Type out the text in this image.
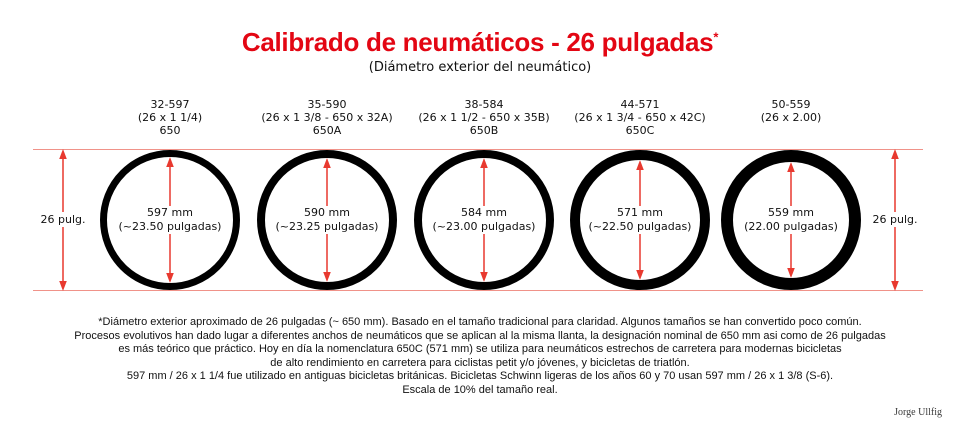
Calibrado de neumáticos - 26 pulgadas*
(Diámetro exterior del neumático)
26 pulg.	26 pulg.
32-597
(26 x 1 1/4)
650
597 mm
(~23.50 pulgadas)
35-590
(26 x 1 3/8 - 650 x 32A)
650A
590 mm
(~23.25 pulgadas)
38-584
(26 x 1 1/2 - 650 x 35B)
650B
584 mm
(~23.00 pulgadas)
44-571
(26 x 1 3/4 - 650 x 42C)
650C
571 mm
(~22.50 pulgadas)
50-559
(26 x 2.00)
559 mm
(22.00 pulgadas)
*Diámetro exterior aproximado de 26 pulgadas (~ 650 mm). Basado en el tamaño tradicional para claridad. Algunos tamaños se han convertido poco común.
Procesos evolutivos han dado lugar a diferentes anchos de neumáticos que se aplican al la misma llanta, la designación nominal de 650 mm asi como de 26 pulgadas
es más teórico que práctico. Hoy en día la nomenclatura 650C (571 mm) se utiliza para neumáticos estrechos de carretera para modernas bicicletas
de alto rendimiento en carretera para ciclistas petit y/o jóvenes, y bicicletas de triatlón.
597 mm / 26 x 1 1/4 fue utilizado en antiguas bicicletas británicas. Bicicletas Schwinn ligeras de los años 60 y 70 usan 597 mm / 26 x 1 3/8 (S-6).
Escala de 10% del tamaño real.
Jorge Ullfig
